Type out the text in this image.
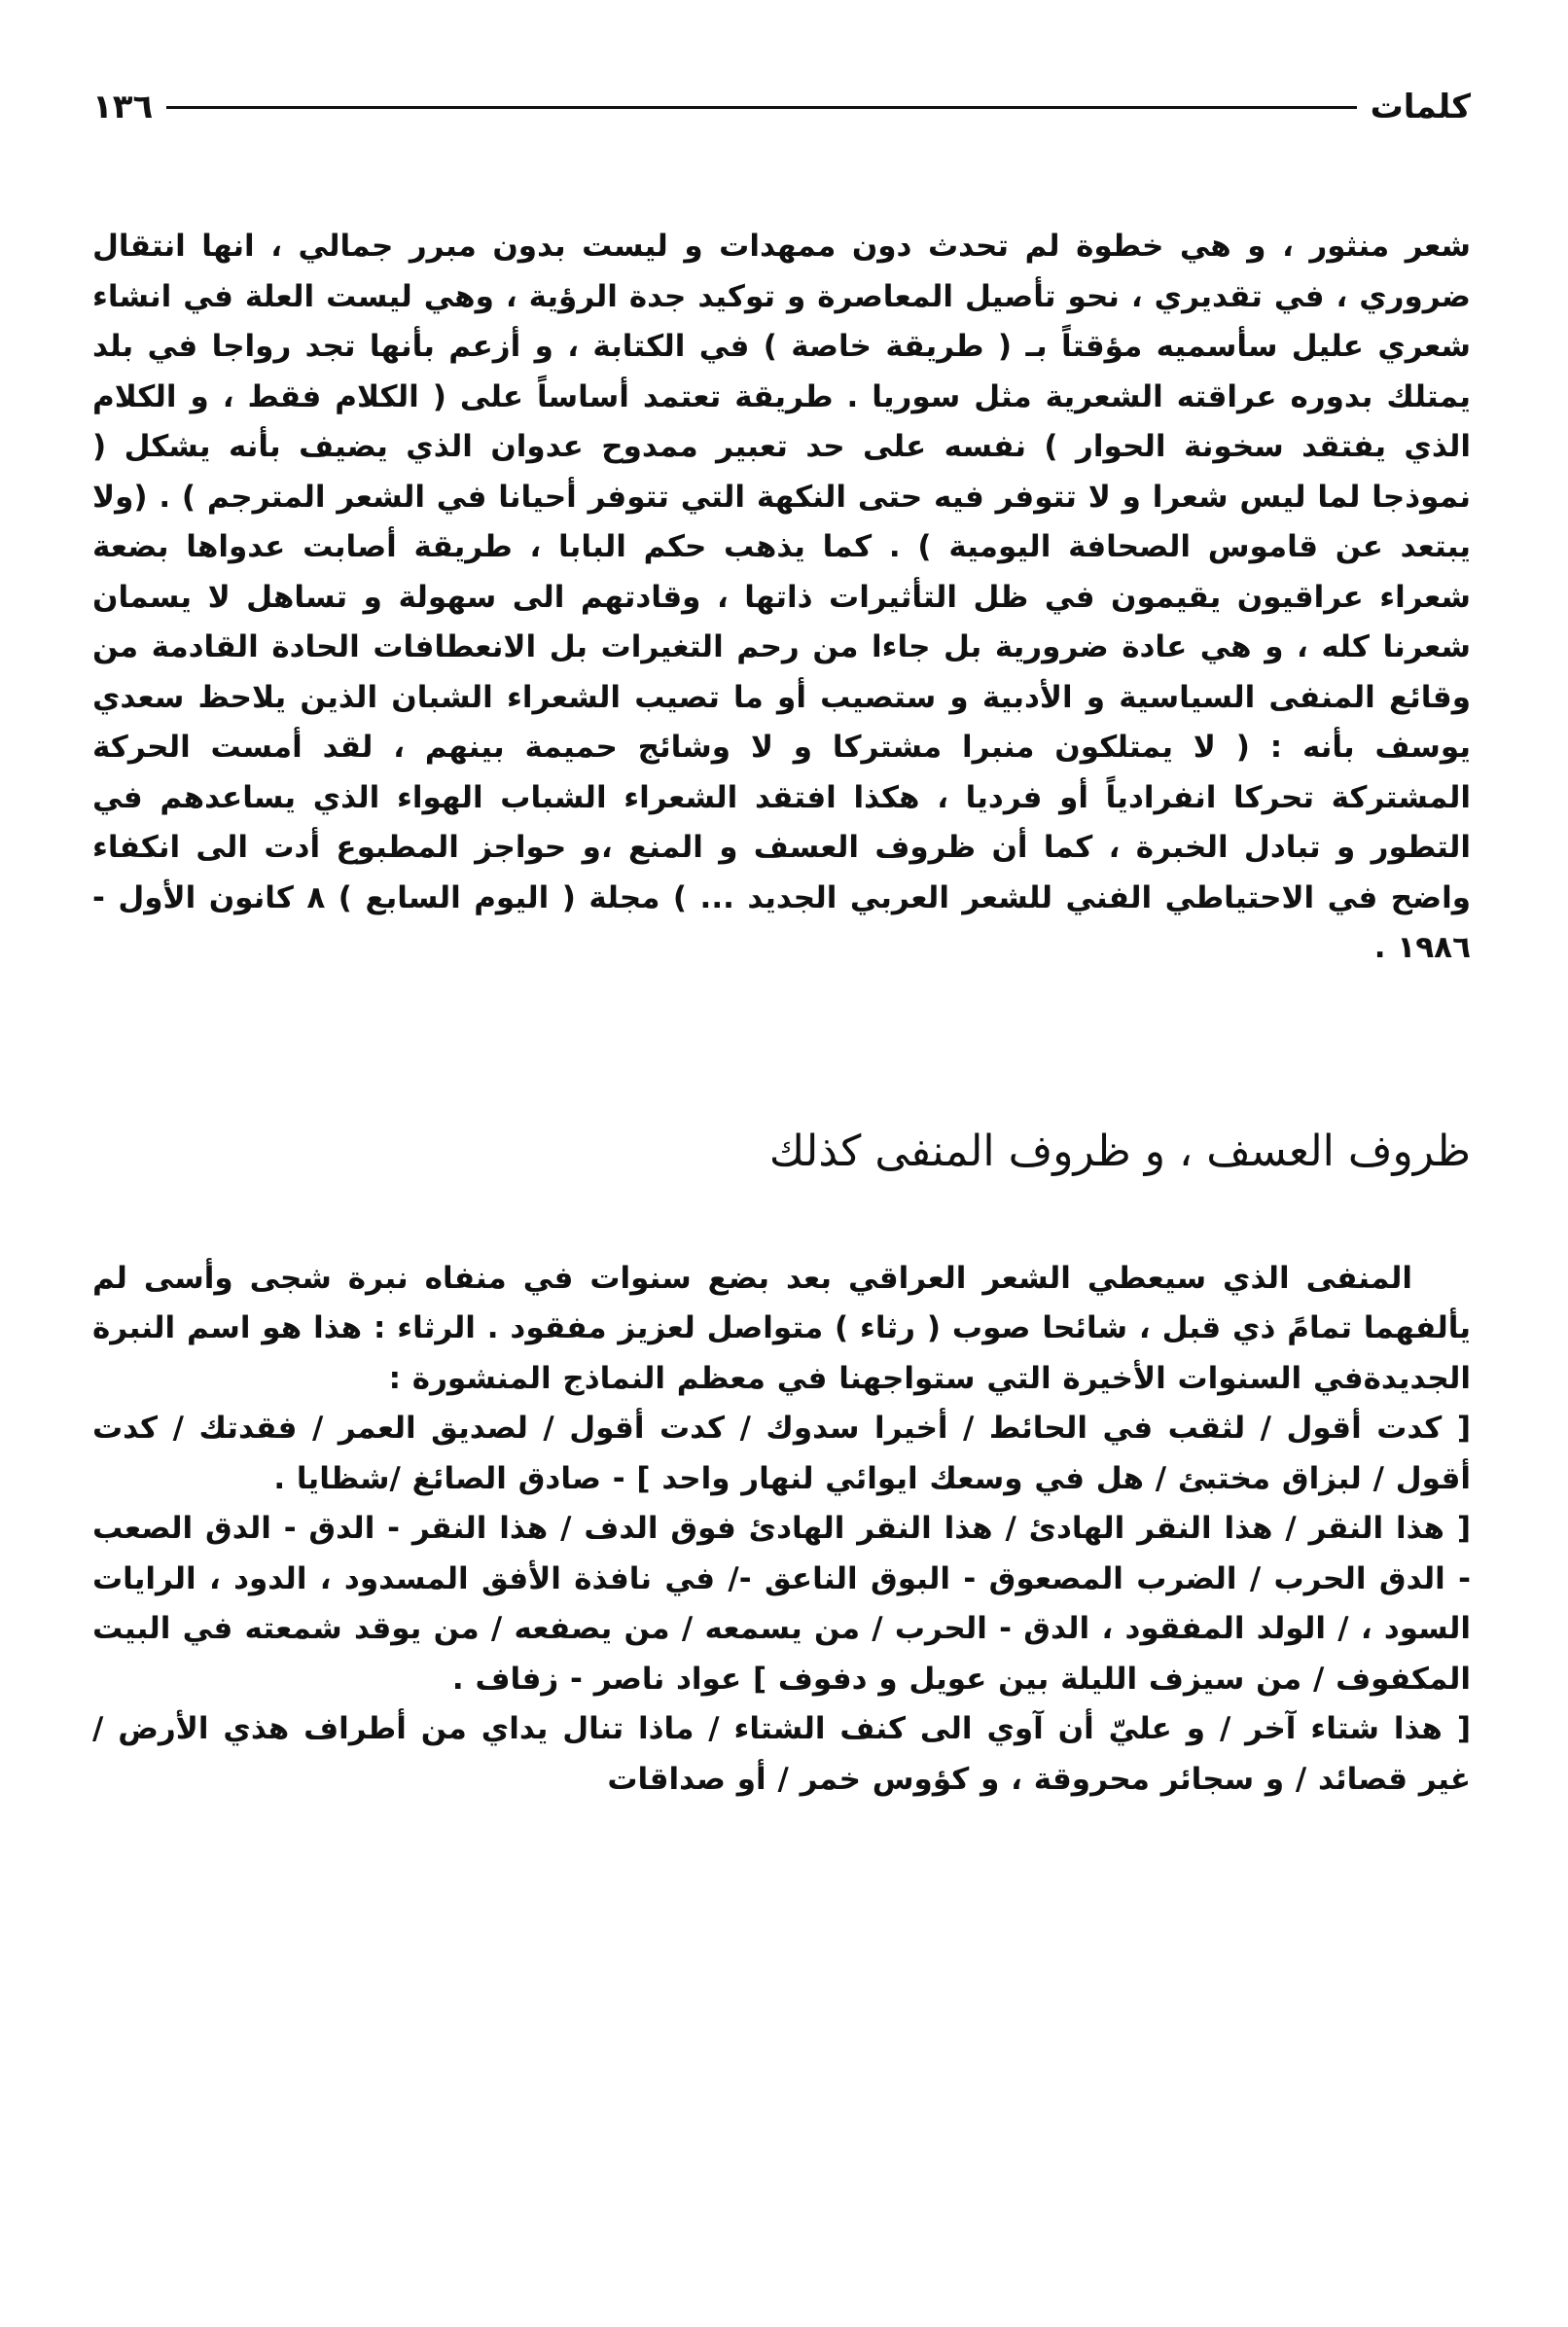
كلمات
١٣٦

شعر منثور ، و هي خطوة لم تحدث دون ممهدات و ليست بدون مبرر جمالي ، انها انتقال ضروري ، في تقديري ، نحو تأصيل المعاصرة و توكيد جدة الرؤية ، وهي ليست العلة في انشاء شعري عليل سأسميه مؤقتاً بـ ( طريقة خاصة ) في الكتابة ، و أزعم بأنها تجد رواجا في بلد يمتلك بدوره عراقته الشعرية مثل سوريا . طريقة تعتمد أساساً على ( الكلام فقط ، و الكلام الذي يفتقد سخونة الحوار ) نفسه على حد تعبير ممدوح عدوان الذي يضيف بأنه يشكل ( نموذجا لما ليس شعرا و لا تتوفر فيه حتى النكهة التي تتوفر أحيانا في الشعر المترجم ) . (ولا يبتعد عن قاموس الصحافة اليومية ) . كما يذهب حكم البابا ، طريقة أصابت عدواها بضعة شعراء عراقيون يقيمون في ظل التأثيرات ذاتها ، وقادتهم الى سهولة و تساهل لا يسمان شعرنا كله ، و هي عادة ضرورية بل جاءا من رحم التغيرات بل الانعطافات الحادة القادمة من وقائع المنفى السياسية و الأدبية و ستصيب أو ما تصيب الشعراء الشبان الذين يلاحظ سعدي يوسف بأنه : ( لا يمتلكون منبرا مشتركا و لا وشائج حميمة بينهم ، لقد أمست الحركة المشتركة تحركا انفرادياً أو فرديا ، هكذا افتقد الشعراء الشباب الهواء الذي يساعدهم في التطور و تبادل الخبرة ، كما أن ظروف العسف و المنع ،و حواجز المطبوع أدت الى انكفاء واضح في الاحتياطي الفني للشعر العربي الجديد ... ) مجلة ( اليوم السابع ) ٨ كانون الأول - ١٩٨٦ .

ظروف العسف ، و ظروف المنفى كذلك

المنفى الذي سيعطي الشعر العراقي بعد بضع سنوات في منفاه نبرة شجى وأسى لم يألفهما تمامً ذي قبل ، شائحا صوب ( رثاء ) متواصل لعزيز مفقود . الرثاء : هذا هو اسم النبرة الجديدةفي السنوات الأخيرة التي ستواجهنا في معظم النماذج المنشورة :

[ كدت أقول / لثقب في الحائط / أخيرا سدوك / كدت أقول / لصديق العمر / فقدتك / كدت أقول / لبزاق مختبئ / هل في وسعك ايوائي لنهار واحد ] - صادق الصائغ /شظايا .

[ هذا النقر / هذا النقر الهادئ / هذا النقر الهادئ فوق الدف / هذا النقر - الدق - الدق الصعب - الدق الحرب / الضرب المصعوق - البوق الناعق -/ في نافذة الأفق المسدود ، الدود ، الرايات السود ، / الولد المفقود ، الدق - الحرب / من يسمعه / من يصفعه / من يوقد شمعته في البيت المكفوف / من سيزف الليلة بين عويل و دفوف ] عواد ناصر - زفاف .

[ هذا شتاء آخر / و عليّ أن آوي الى كنف الشتاء / ماذا تنال يداي من أطراف هذي الأرض / غير قصائد / و سجائر محروقة ، و كؤوس خمر / أو صداقات
